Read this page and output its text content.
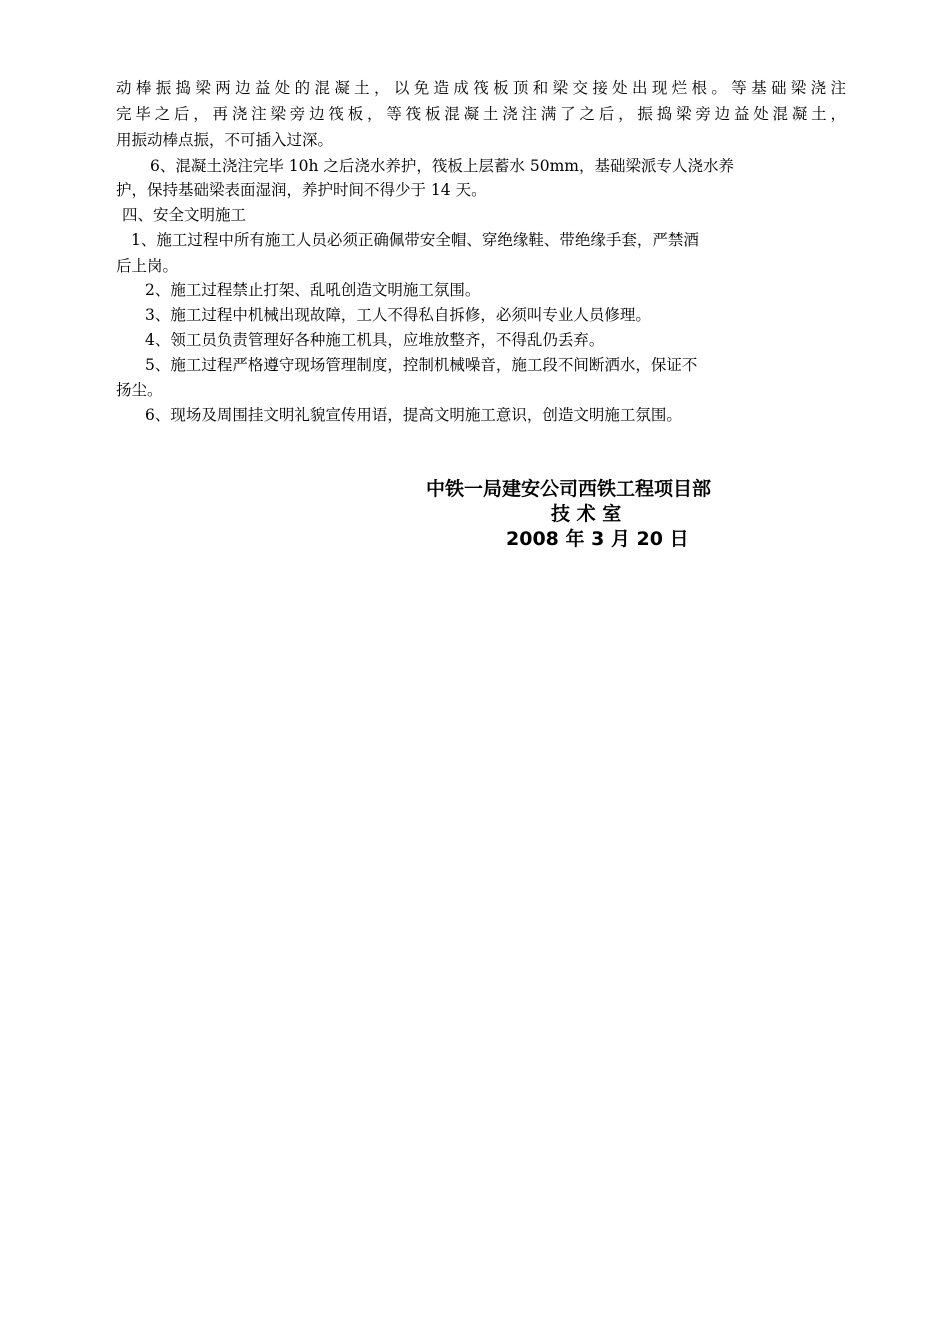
动棒振捣梁两边益处的混凝土，以免造成筏板顶和梁交接处出现烂根。等基础梁浇注
完毕之后，再浇注梁旁边筏板，等筏板混凝土浇注满了之后，振捣梁旁边益处混凝土，
用振动棒点振，不可插入过深。
6、混凝土浇注完毕 10h 之后浇水养护，筏板上层蓄水 50mm，基础梁派专人浇水养
护，保持基础梁表面湿润，养护时间不得少于 14 天。
四、安全文明施工
1、施工过程中所有施工人员必须正确佩带安全帽、穿绝缘鞋、带绝缘手套，严禁酒
后上岗。
2、施工过程禁止打架、乱吼创造文明施工氛围。
3、施工过程中机械出现故障，工人不得私自拆修，必须叫专业人员修理。
4、领工员负责管理好各种施工机具，应堆放整齐，不得乱仍丢弃。
5、施工过程严格遵守现场管理制度，控制机械噪音，施工段不间断洒水，保证不
扬尘。
6、现场及周围挂文明礼貌宣传用语，提高文明施工意识，创造文明施工氛围。
中铁一局建安公司西铁工程项目部
技 术 室
2008 年 3 月 20 日
